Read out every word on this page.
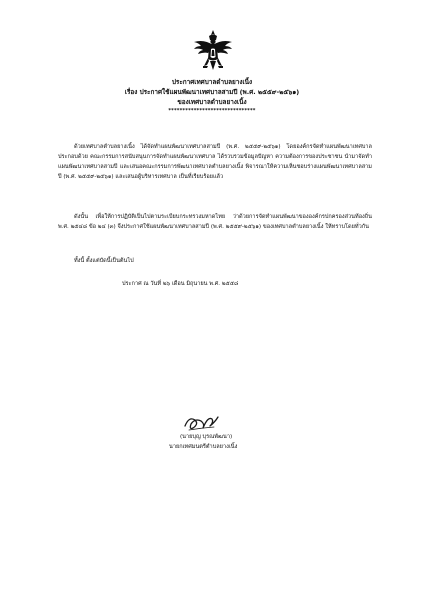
ประกาศเทศบาลตำบลยางเนิ้ง
เรื่อง ประกาศใช้แผนพัฒนาเทศบาลสามปี (พ.ศ. ๒๕๕๙-๒๕๖๑)
ของเทศบาลตำบลยางเนิ้ง
*******************************
ด้วยเทศบาลตำบลยางเนิ้ง ได้จัดทำแผนพัฒนาเทศบาลสามปี (พ.ศ. ๒๕๕๙-๒๕๖๑) โดยองค์กรจัดทำแผนพัฒนาเทศบาล ประกอบด้วย คณะกรรมการสนับสนุนการจัดทำแผนพัฒนาเทศบาล ได้รวบรวมข้อมูลปัญหา ความต้องการของประชาชน นำมาจัดทำแผนพัฒนาเทศบาลสามปี และเสนอคณะกรรมการพัฒนาเทศบาลตำบลยางเนิ้ง พิจารณาให้ความเห็นชอบร่างแผนพัฒนาเทศบาลสามปี (พ.ศ. ๒๕๕๙-๒๕๖๑) และเสนอผู้บริหารเทศบาล เป็นที่เรียบร้อยแล้ว
ดังนั้น เพื่อให้การปฏิบัติเป็นไปตามระเบียบกระทรวงมหาดไทย ว่าด้วยการจัดทำแผนพัฒนาขององค์กรปกครองส่วนท้องถิ่น พ.ศ. ๒๕๔๘ ข้อ ๒๔ (๓) จึงประกาศใช้แผนพัฒนาเทศบาลสามปี (พ.ศ. ๒๕๕๙-๒๕๖๑) ของเทศบาลตำบลยางเนิ้ง ให้ทราบโดยทั่วกัน
ทั้งนี้ ตั้งแต่บัดนี้เป็นต้นไป
ประกาศ ณ วันที่ ๒๖ เดือน มิถุนายน พ.ศ. ๒๕๕๘
(นายบุญ บุรณพัฒนา)
นายกเทศมนตรีตำบลยางเนิ้ง
